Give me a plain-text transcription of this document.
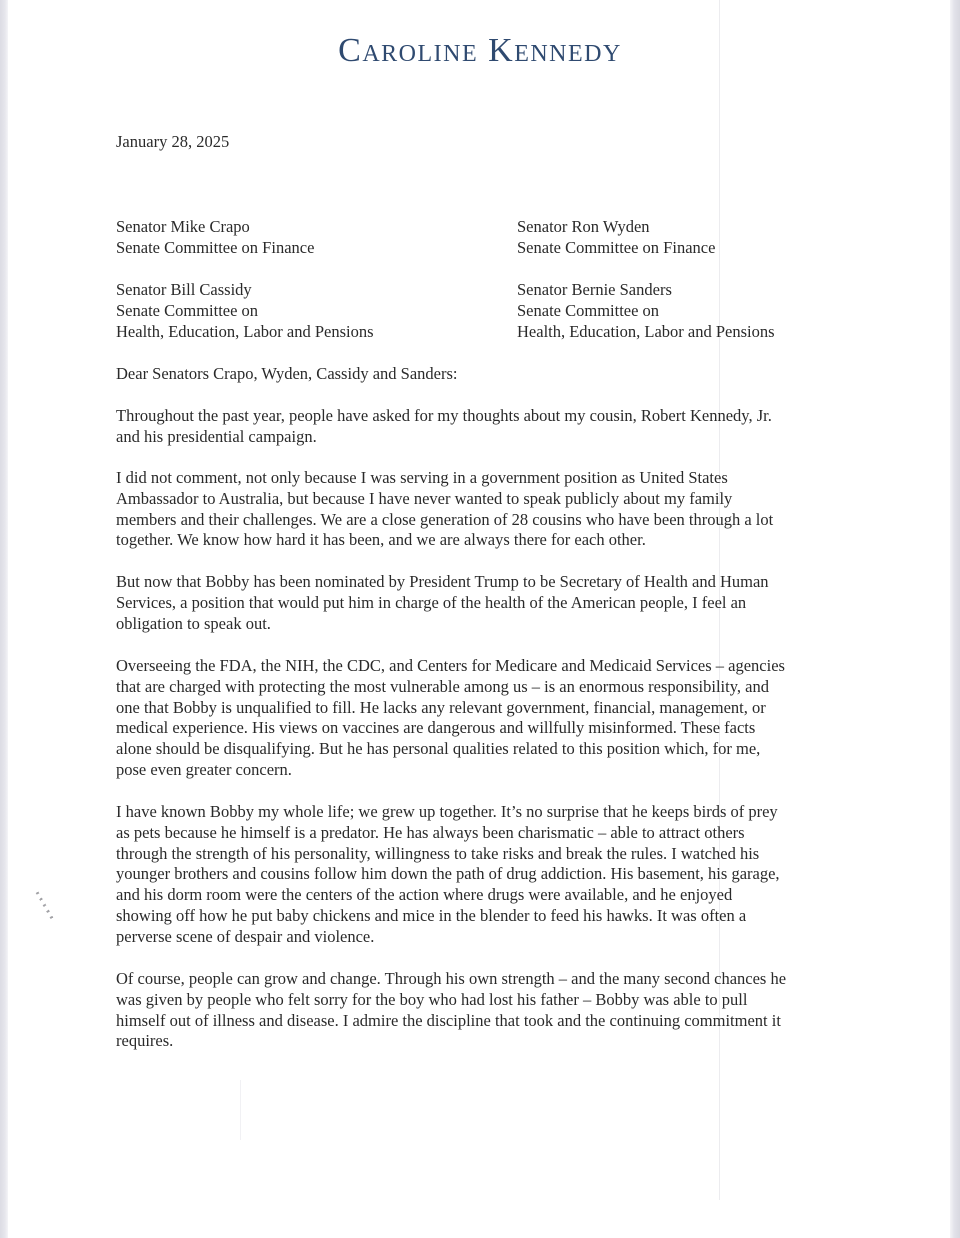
Caroline Kennedy
January 28, 2025
Senator Mike Crapo
Senate Committee on Finance
Senator Bill Cassidy
Senate Committee on
Health, Education, Labor and Pensions
Senator Ron Wyden
Senate Committee on Finance
Senator Bernie Sanders
Senate Committee on
Health, Education, Labor and Pensions
Dear Senators Crapo, Wyden, Cassidy and Sanders:
Throughout the past year, people have asked for my thoughts about my cousin, Robert Kennedy, Jr.
and his presidential campaign.
I did not comment, not only because I was serving in a government position as United States
Ambassador to Australia, but because I have never wanted to speak publicly about my family
members and their challenges. We are a close generation of 28 cousins who have been through a lot
together. We know how hard it has been, and we are always there for each other.
But now that Bobby has been nominated by President Trump to be Secretary of Health and Human
Services, a position that would put him in charge of the health of the American people, I feel an
obligation to speak out.
Overseeing the FDA, the NIH, the CDC, and Centers for Medicare and Medicaid Services – agencies
that are charged with protecting the most vulnerable among us – is an enormous responsibility, and
one that Bobby is unqualified to fill. He lacks any relevant government, financial, management, or
medical experience. His views on vaccines are dangerous and willfully misinformed. These facts
alone should be disqualifying. But he has personal qualities related to this position which, for me,
pose even greater concern.
I have known Bobby my whole life; we grew up together. It’s no surprise that he keeps birds of prey
as pets because he himself is a predator. He has always been charismatic – able to attract others
through the strength of his personality, willingness to take risks and break the rules. I watched his
younger brothers and cousins follow him down the path of drug addiction. His basement, his garage,
and his dorm room were the centers of the action where drugs were available, and he enjoyed
showing off how he put baby chickens and mice in the blender to feed his hawks. It was often a
perverse scene of despair and violence.
Of course, people can grow and change. Through his own strength – and the many second chances he
was given by people who felt sorry for the boy who had lost his father – Bobby was able to pull
himself out of illness and disease. I admire the discipline that took and the continuing commitment it
requires.
